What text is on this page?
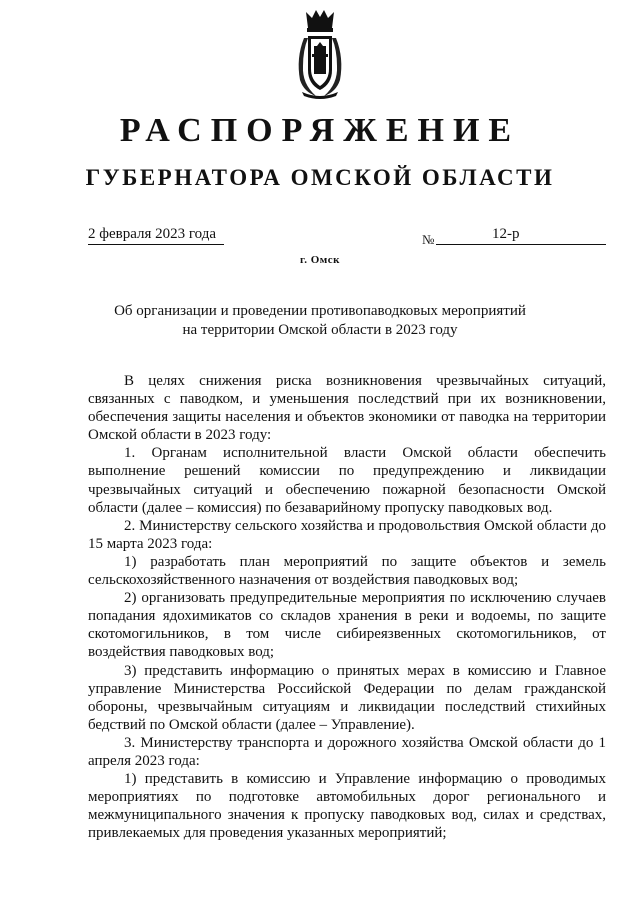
РАСПОРЯЖЕНИЕ
ГУБЕРНАТОРА ОМСКОЙ ОБЛАСТИ
2 февраля 2023 года	№	12-р
г. Омск
Об организации и проведении противопаводковых мероприятий
на территории Омской области в 2023 году

В целях снижения риска возникновения чрезвычайных ситуаций, связанных с паводком, и уменьшения последствий при их возникновении, обеспечения защиты населения и объектов экономики от паводка на территории Омской области в 2023 году:

1. Органам исполнительной власти Омской области обеспечить выполнение решений комиссии по предупреждению и ликвидации чрезвычайных ситуаций и обеспечению пожарной безопасности Омской области (далее – комиссия) по безаварийному пропуску паводковых вод.

2. Министерству сельского хозяйства и продовольствия Омской области до 15 марта 2023 года:

1) разработать план мероприятий по защите объектов и земель сельскохозяйственного назначения от воздействия паводковых вод;

2) организовать предупредительные мероприятия по исключению случаев попадания ядохимикатов со складов хранения в реки и водоемы, по защите скотомогильников, в том числе сибиреязвенных скотомогильников, от воздействия паводковых вод;

3) представить информацию о принятых мерах в комиссию и Главное управление Министерства Российской Федерации по делам гражданской обороны, чрезвычайным ситуациям и ликвидации последствий стихийных бедствий по Омской области (далее – Управление).

3. Министерству транспорта и дорожного хозяйства Омской области до 1 апреля 2023 года:

1) представить в комиссию и Управление информацию о проводимых мероприятиях по подготовке автомобильных дорог регионального и межмуниципального значения к пропуску паводковых вод, силах и средствах, привлекаемых для проведения указанных мероприятий;
